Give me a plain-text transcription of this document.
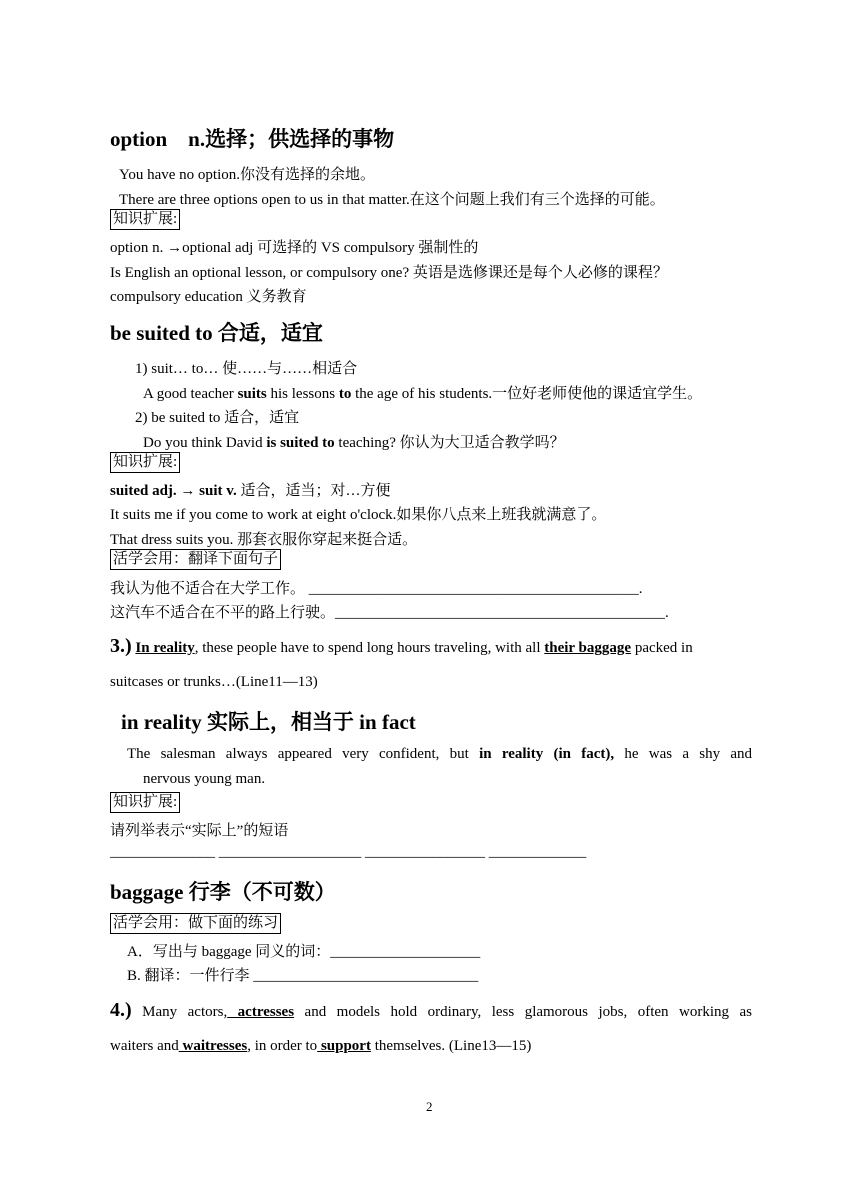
option　n.选择；供选择的事物
You have no option.你没有选择的余地。
There are three options open to us in that matter.在这个问题上我们有三个选择的可能。
知识扩展:
option n. →optional adj 可选择的 VS compulsory 强制性的
Is English an optional lesson, or compulsory one? 英语是选修课还是每个人必修的课程？
compulsory education 义务教育
be suited to 合适，适宜
1) suit… to… 使……与……相适合
A good teacher suits his lessons to the age of his students.一位好老师使他的课适宜学生。
2) be suited to 适合，适宜
Do you think David is suited to teaching? 你认为大卫适合教学吗？
知识扩展:
suited adj. → suit v. 适合，适当；对…方便
It suits me if you come to work at eight o'clock.如果你八点来上班我就满意了。
That dress suits you. 那套衣服你穿起来挺合适。
活学会用：翻译下面句子
我认为他不适合在大学工作。 ____________________________________________.
这汽车不适合在不平的路上行驶。____________________________________________.
3.) In reality, these people have to spend long hours traveling, with all their baggage packed in
suitcases or trunks…(Line11—13)
in reality 实际上，相当于 in fact
The salesman always appeared very confident, but in reality (in fact), he was a shy and
nervous young man.
知识扩展:
请列举表示“实际上”的短语
______________ ___________________ ________________ _____________
baggage 行李（不可数）
活学会用：做下面的练习
A．写出与 baggage 同义的词：____________________
B. 翻译：一件行李 ______________________________
4.) Many actors, actresses and models hold ordinary, less glamorous jobs, often working as
waiters and waitresses, in order to support themselves. (Line13—15)
2
